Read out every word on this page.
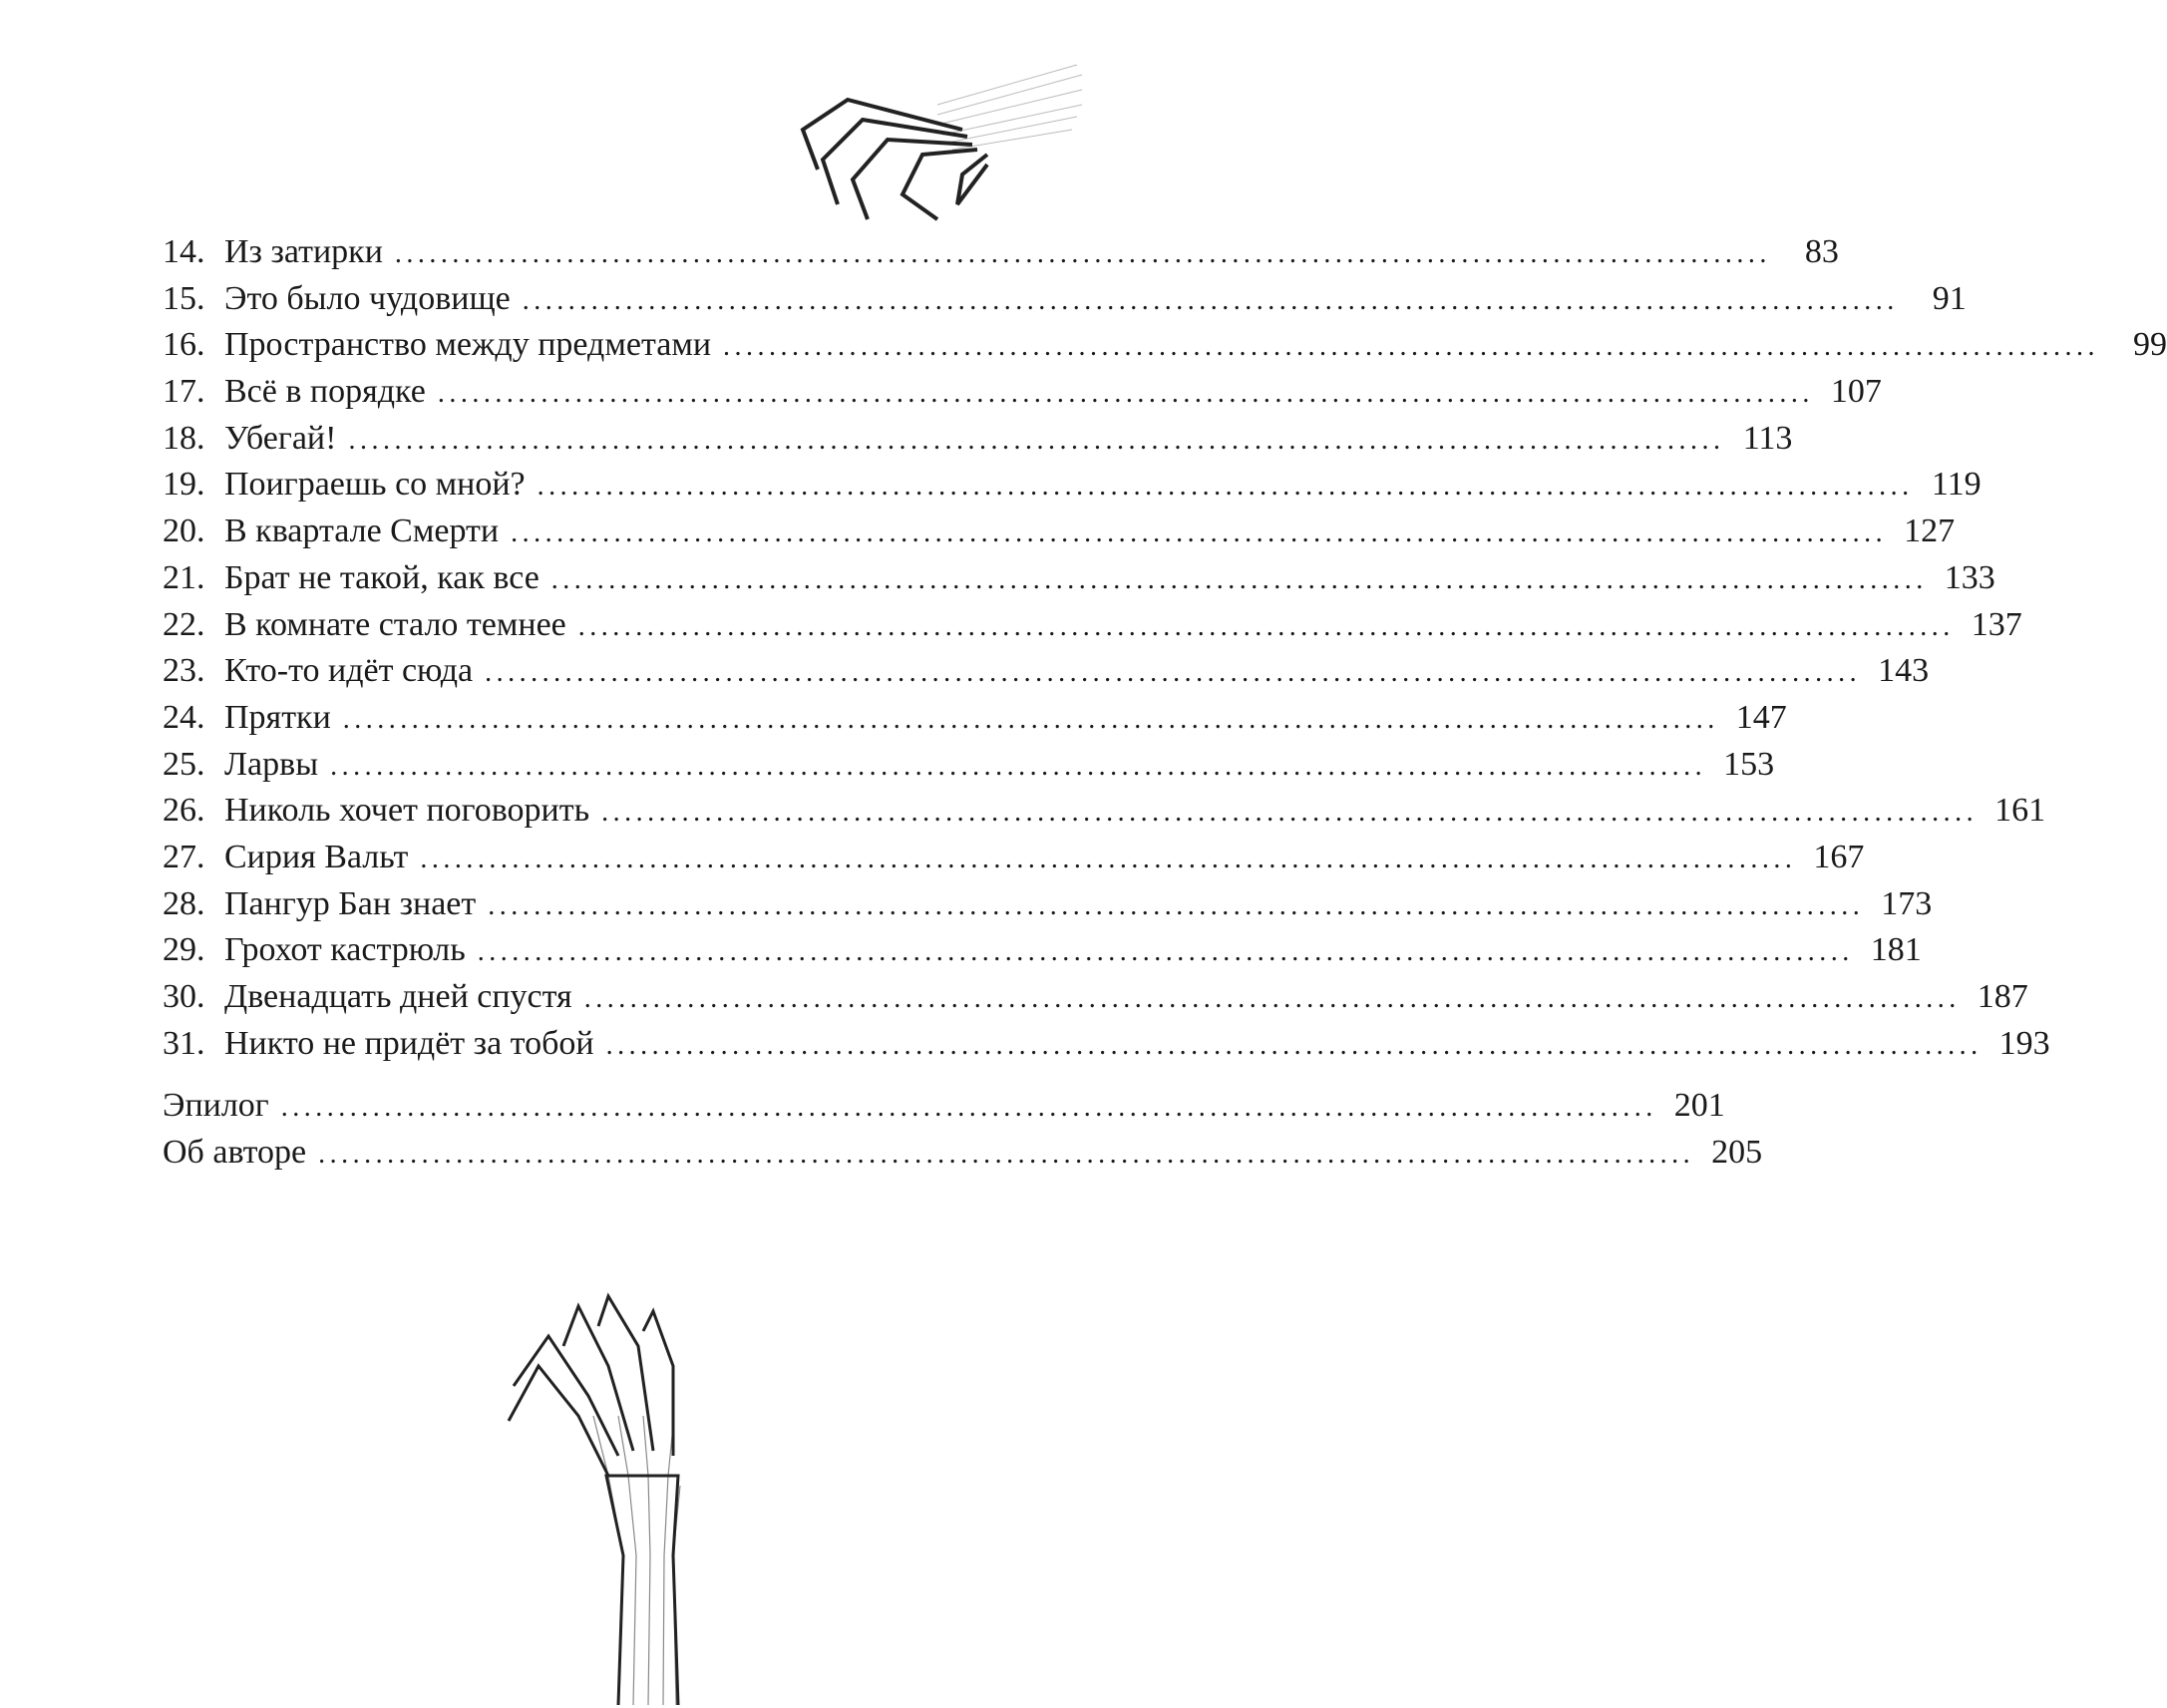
14. Из затирки ........................................................................................................................	83
15. Это было чудовище ........................................................................................................................	91
16. Пространство между предметами ........................................................................................................................	99
17. Всё в порядке ........................................................................................................................ 107
18. Убегай! ........................................................................................................................ 113
19. Поиграешь со мной? ........................................................................................................................ 119
20. В квартале Смерти ........................................................................................................................ 127
21. Брат не такой, как все ........................................................................................................................ 133
22. В комнате стало темнее ........................................................................................................................ 137
23. Кто-то идёт сюда ........................................................................................................................ 143
24. Прятки ........................................................................................................................ 147
25. Ларвы ........................................................................................................................ 153
26. Николь хочет поговорить ........................................................................................................................ 161
27. Сирия Вальт ........................................................................................................................ 167
28. Пангур Бан знает ........................................................................................................................ 173
29. Грохот кастрюль ........................................................................................................................ 181
30. Двенадцать дней спустя ........................................................................................................................ 187
31. Никто не придёт за тобой ........................................................................................................................ 193
Эпилог ........................................................................................................................ 201
Об авторе ........................................................................................................................ 205
